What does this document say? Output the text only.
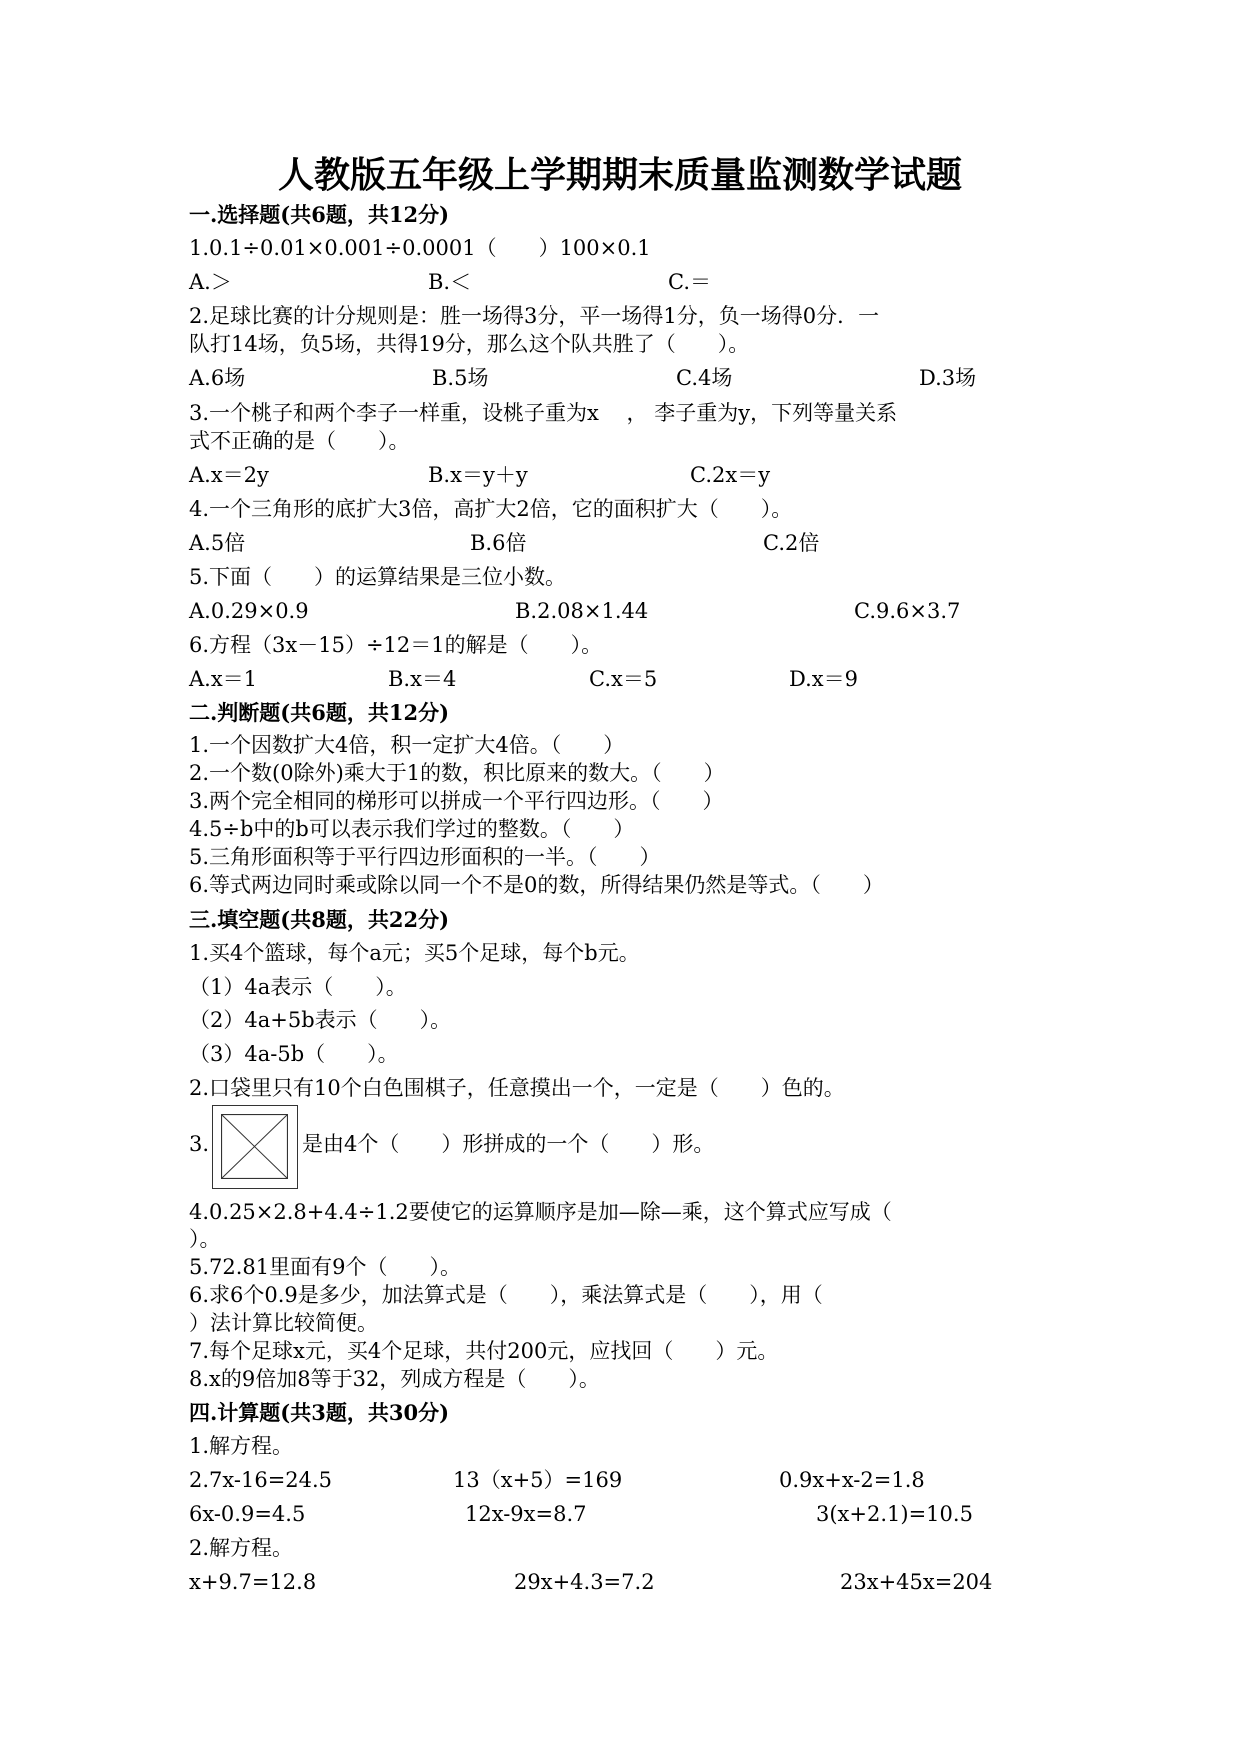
人教版五年级上学期期末质量监测数学试题
一.选择题(共6题，共12分)
1.0.1÷0.01×0.001÷0.0001（　　）100×0.1
A.＞	B.＜	C.＝
2.足球比赛的计分规则是：胜一场得3分，平一场得1分，负一场得0分．一
队打14场，负5场，共得19分，那么这个队共胜了（　　）。
A.6场	B.5场	C.4场	D.3场
3.一个桃子和两个李子一样重，设桃子重为x　 ， 李子重为y，下列等量关系
式不正确的是（　　）。
A.x＝2y	B.x＝y＋y	C.2x＝y
4.一个三角形的底扩大3倍，高扩大2倍，它的面积扩大（　　）。
A.5倍	B.6倍	C.2倍
5.下面（　　）的运算结果是三位小数。
A.0.29×0.9	B.2.08×1.44	C.9.6×3.7
6.方程（3x－15）÷12＝1的解是（　　）。
A.x＝1	B.x＝4	C.x＝5	D.x＝9
二.判断题(共6题，共12分)
1.一个因数扩大4倍，积一定扩大4倍。（　　）
2.一个数(0除外)乘大于1的数，积比原来的数大。（　　）
3.两个完全相同的梯形可以拼成一个平行四边形。（　　）
4.5÷b中的b可以表示我们学过的整数。（　　）
5.三角形面积等于平行四边形面积的一半。（　　）
6.等式两边同时乘或除以同一个不是0的数，所得结果仍然是等式。（　　）
三.填空题(共8题，共22分)
1.买4个篮球，每个a元；买5个足球，每个b元。
（1）4a表示（　　）。
（2）4a+5b表示（　　）。
（3）4a-5b（　　）。
2.口袋里只有10个白色围棋子，任意摸出一个，一定是（　　）色的。
3.	是由4个（　　）形拼成的一个（　　）形。
4.0.25×2.8+4.4÷1.2要使它的运算顺序是加—除—乘，这个算式应写成（
）。
5.72.81里面有9个（　　）。
6.求6个0.9是多少，加法算式是（　　），乘法算式是（　　），用（
）法计算比较简便。
7.每个足球x元，买4个足球，共付200元，应找回（　　）元。
8.x的9倍加8等于32，列成方程是（　　）。
四.计算题(共3题，共30分)
1.解方程。
2.7x-16=24.5	13（x+5）=169	0.9x+x-2=1.8
6x-0.9=4.5	12x-9x=8.7	3(x+2.1)=10.5
2.解方程。
x+9.7=12.8	29x+4.3=7.2	23x+45x=204
